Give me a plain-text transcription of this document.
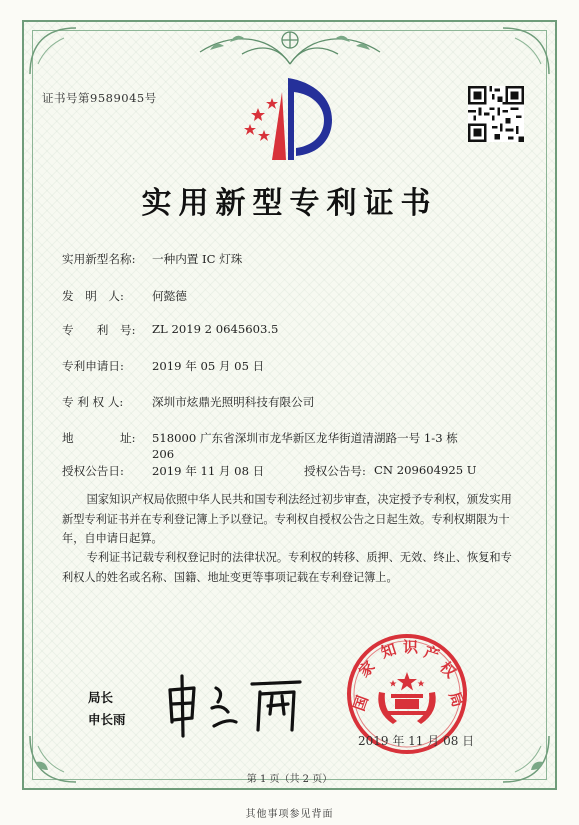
证书号第9589045号
实用新型专利证书
实用新型名称: 一种内置 IC 灯珠
发　明　人: 何懿德
专　　利　号: ZL 2019 2 0645603.5
专利申请日: 2019 年 05 月 05 日
专 利 权 人: 深圳市炫鼎光照明科技有限公司
地　　　　址: 518000 广东省深圳市龙华新区龙华街道清湖路一号 1-3 栋
206
授权公告日: 2019 年 11 月 08 日	授权公告号: CN 209604925 U

国家知识产权局依照中华人民共和国专利法经过初步审查，决定授予专利权，颁发实用新型专利证书并在专利登记簿上予以登记。专利权自授权公告之日起生效。专利权期限为十年，自申请日起算。

专利证书记载专利权登记时的法律状况。专利权的转移、质押、无效、终止、恢复和专利权人的姓名或名称、国籍、地址变更等事项记载在专利登记簿上。

局长
申长雨
国
家
知 识 产
权
局
2019 年 11 月 08 日
第 1 页（共 2 页）
其他事项参见背面
